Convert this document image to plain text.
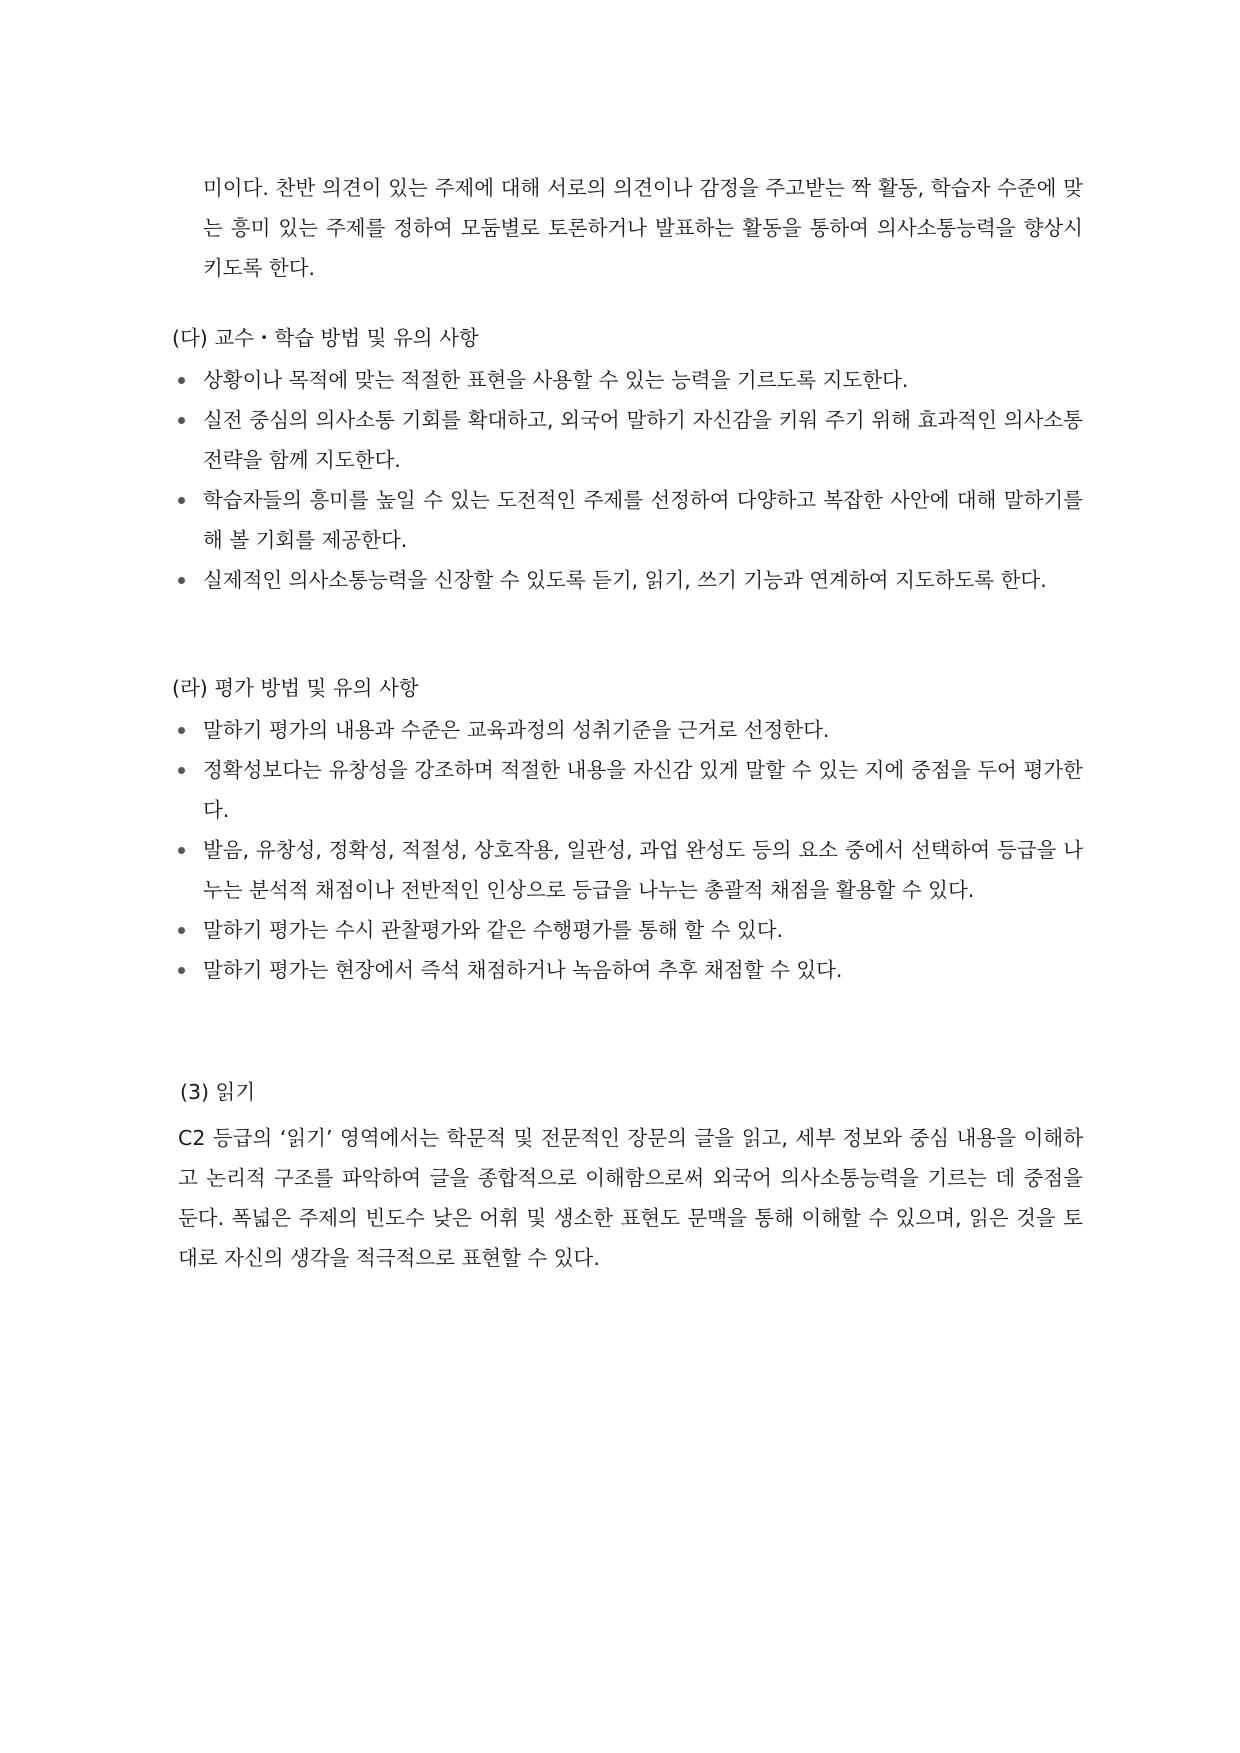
미이다. 찬반 의견이 있는 주제에 대해 서로의 의견이나 감정을 주고받는 짝 활동, 학습자 수준에 맞는 흥미 있는 주제를 정하여 모둠별로 토론하거나 발표하는 활동을 통하여 의사소통능력을 향상시키도록 한다.
(다) 교수・학습 방법 및 유의 사항
상황이나 목적에 맞는 적절한 표현을 사용할 수 있는 능력을 기르도록 지도한다.
실전 중심의 의사소통 기회를 확대하고, 외국어 말하기 자신감을 키워 주기 위해 효과적인 의사소통 전략을 함께 지도한다.
학습자들의 흥미를 높일 수 있는 도전적인 주제를 선정하여 다양하고 복잡한 사안에 대해 말하기를 해 볼 기회를 제공한다.
실제적인 의사소통능력을 신장할 수 있도록 듣기, 읽기, 쓰기 기능과 연계하여 지도하도록 한다.
(라) 평가 방법 및 유의 사항
말하기 평가의 내용과 수준은 교육과정의 성취기준을 근거로 선정한다.
정확성보다는 유창성을 강조하며 적절한 내용을 자신감 있게 말할 수 있는 지에 중점을 두어 평가한다.
발음, 유창성, 정확성, 적절성, 상호작용, 일관성, 과업 완성도 등의 요소 중에서 선택하여 등급을 나누는 분석적 채점이나 전반적인 인상으로 등급을 나누는 총괄적 채점을 활용할 수 있다.
말하기 평가는 수시 관찰평가와 같은 수행평가를 통해 할 수 있다.
말하기 평가는 현장에서 즉석 채점하거나 녹음하여 추후 채점할 수 있다.
(3) 읽기
C2 등급의 ‘읽기’ 영역에서는 학문적 및 전문적인 장문의 글을 읽고, 세부 정보와 중심 내용을 이해하고 논리적 구조를 파악하여 글을 종합적으로 이해함으로써 외국어 의사소통능력을 기르는 데 중점을 둔다. 폭넓은 주제의 빈도수 낮은 어휘 및 생소한 표현도 문맥을 통해 이해할 수 있으며, 읽은 것을 토대로 자신의 생각을 적극적으로 표현할 수 있다.
